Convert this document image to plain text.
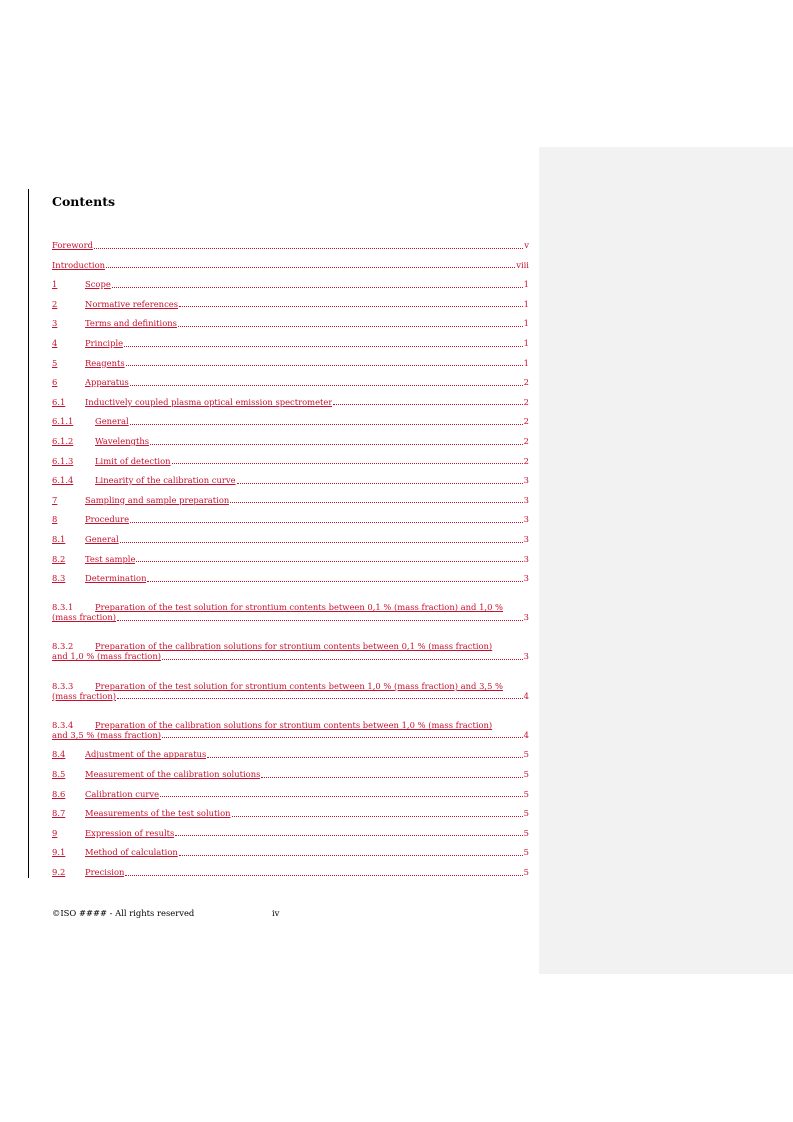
Contents
Foreword	v
Introduction	viii
1	Scope	1
2	Normative references	1
3	Terms and definitions	1
4	Principle	1
5	Reagents	1
6	Apparatus	2
6.1	Inductively coupled plasma optical emission spectrometer	2
6.1.1	General	2
6.1.2	Wavelengths	2
6.1.3	Limit of detection	2
6.1.4	Linearity of the calibration curve	3
7	Sampling and sample preparation	3
8	Procedure	3
8.1	General	3
8.2	Test sample	3
8.3	Determination	3
8.3.1	Preparation of the test solution for strontium contents between 0,1 % (mass fraction) and 1,0 %
(mass fraction)	3
8.3.2	Preparation of the calibration solutions for strontium contents between 0,1 % (mass fraction)
and 1,0 % (mass fraction)	3
8.3.3	Preparation of the test solution for strontium contents between 1,0 % (mass fraction) and 3,5 %
(mass fraction)	4
8.3.4	Preparation of the calibration solutions for strontium contents between 1,0 % (mass fraction)
and 3,5 % (mass fraction)	4
8.4	Adjustment of the apparatus	5
8.5	Measurement of the calibration solutions	5
8.6	Calibration curve	5
8.7	Measurements of the test solution	5
9	Expression of results	5
9.1	Method of calculation	5
9.2	Precision	5
©ISO #### - All rights reserved	iv
